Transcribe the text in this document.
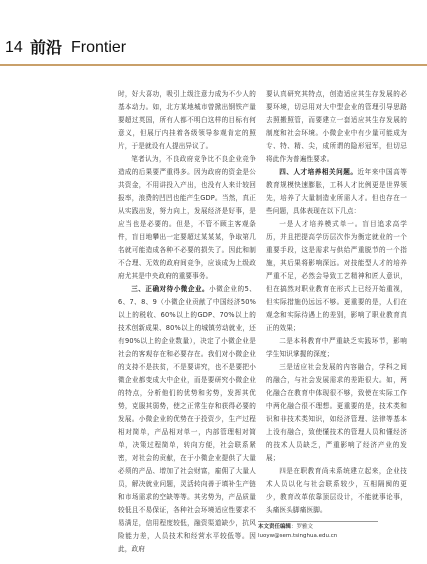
14 前沿 Frontier

时，好大喜功，吸引上级注意力成为不少人的基本动力。如，北方某地城市曾掀出钢铁产量要超过英国，所有人都不明白这样的目标有何意义，但展厅内挂着各级领导参观肯定的照片，于是就设有人提出异议了。

笔者认为，不良政府竞争比不良企业竞争造成的后果要严重得多。因为政府的资金是公共资金，不用讲投入产出，也没有人来计较回报率，浪费的凹凹也能产生GDP。当然，真正从实践出发，努力向上，发展经济是好事，是应当也是必要的。但是，不管不顾主客观条件，盲目地攀出一定要超过某某某，争取第几名就可能造成各种不必要的损失了。因此和制不合理、无效的政府间竞争，应该成为上级政府尤其是中央政府的重要事务。

三、正确对待小微企业。小微企业的5、6、7、8、9（小微企业贡献了中国经济50%以上的税收、60%以上的GDP、70%以上的技术创新成果、80%以上的城镇劳动就业，还有90%以上的企业数量），决定了小微企业是社会的客观存在和必要存在。我们对小微企业的支持不是扶贫，不是要讲究，也不是要把小微企业都变成大中企业，而是要研究小微企业的特点，分析他们的优势和劣势，发挥其优势，克服其弱势，使之正常生存和获得必要的发展。小微企业的优势在于投资少，生产过程相对简单，产品相对单一，内部管理相对简单，决策过程简单，转向方便，社会联系紧密，对社会的贡献，在于小微企业提供了大量必须的产品、增加了社会财富，雇佣了大量人员，解决就业问题，灵活转向善于填补生产链和市场需求的空缺等等。其劣势为，产品质量较低且不易保证，各种社会环境适应性要求不易满足，信用程度较低，融资渠道缺少，抗风险能力差，人员技术和经营水平较低等。因此，政府

要认真研究其特点，创造适应其生存发展的必要环境，切忌用对大中型企业的管理引导思路去照搬照管，而要建立一套适应其生存发展的制度和社会环境。小微企业中有少量可能成为专、特、精、尖，成所谓的隐形冠军，但切忌将此作为普遍性要求。

四、人才培养相关问题。近年来中国高等教育规模快速膨胀，工科人才比例更是世界领先，培养了大量制造业所需人才。但也存在一些问题，具体表现在以下几点：

一是人才培养模式单一。盲目追求高学历，并且把提高学历层次作为衡定就业的一个重要手段，这是需求与供给严重脱节的一个指施，其后果将影响深远。对技能型人才的培养严重不足，必然会导致工艺精神和匠人意识，但在搞然对职业教育在形式上已经开始重视，但实际措施仍远远不够。更重要的是，人们在观念和实际待遇上的差别，影响了职业教育真正的效果；

二是本科教育中严重缺乏实践环节，影响学生知识掌握的深度；

三是适应社会发展的内容融合，学科之间的融合，与社会发展需求的差距很大。如，两化融合在教育中体现很不够，致使在实际工作中两化融合很不理想。更重要的是，技术类和识和非技术类知识，如经济管理、法律等基本上没有融合，致使懂技术的管理人员和懂经济的技术人员缺乏，严重影响了经济产业的发展；

四是在职教育尚未系统建立起来，企业技术人员以化与社会联系较少，互相隔阂的更少，教育改革依靠顶层设计，不能就事论事，头痛医头脚痛医脚。

本文责任编辑：罗雅文
luoyw@sem.tsinghua.edu.cn
